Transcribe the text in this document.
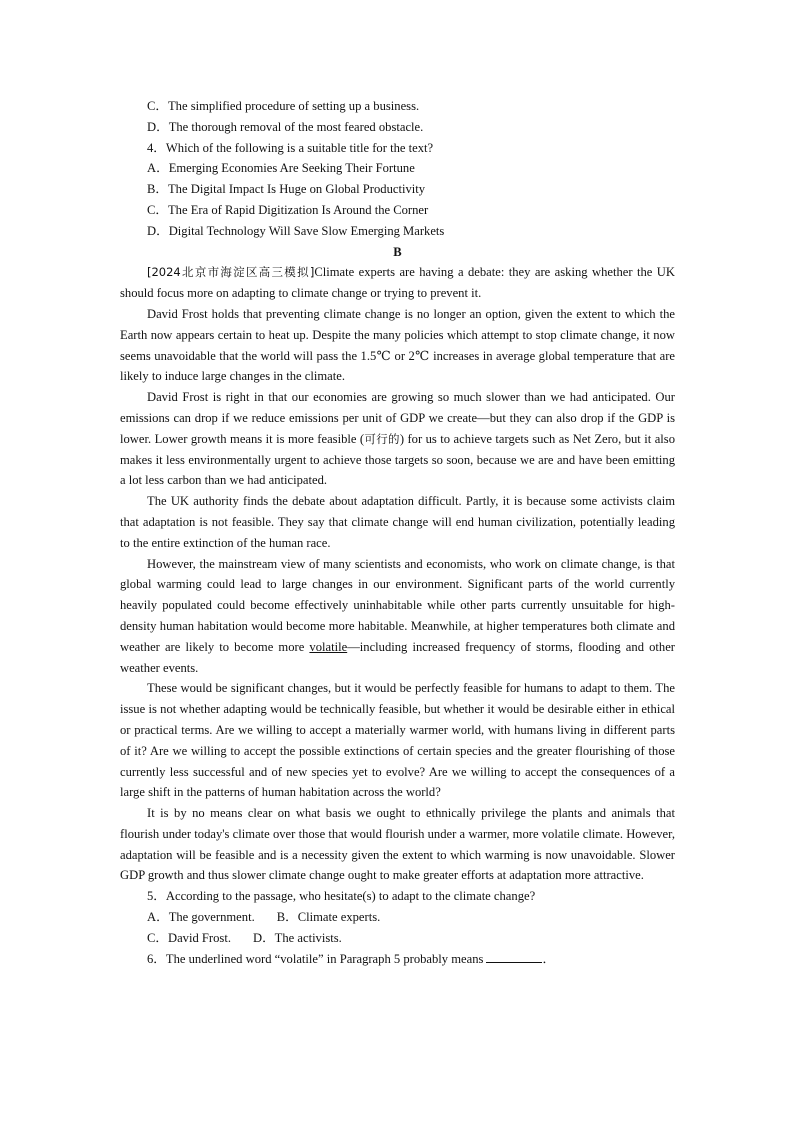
C．The simplified procedure of setting up a business.
D．The thorough removal of the most feared obstacle.
4．Which of the following is a suitable title for the text?
A．Emerging Economies Are Seeking Their Fortune
B．The Digital Impact Is Huge on Global Productivity
C．The Era of Rapid Digitization Is Around the Corner
D．Digital Technology Will Save Slow Emerging Markets
B

[2024北京市海淀区高三模拟]Climate experts are having a debate: they are asking whether the UK should focus more on adapting to climate change or trying to prevent it.

David Frost holds that preventing climate change is no longer an option, given the extent to which the Earth now appears certain to heat up. Despite the many policies which attempt to stop climate change, it now seems unavoidable that the world will pass the 1.5℃ or 2℃ increases in average global temperature that are likely to induce large changes in the climate.

David Frost is right in that our economies are growing so much slower than we had anticipated. Our emissions can drop if we reduce emissions per unit of GDP we create—but they can also drop if the GDP is lower. Lower growth means it is more feasible (可行的) for us to achieve targets such as Net Zero, but it also makes it less environmentally urgent to achieve those targets so soon, because we are and have been emitting a lot less carbon than we had anticipated.

The UK authority finds the debate about adaptation difficult. Partly, it is because some activists claim that adaptation is not feasible. They say that climate change will end human civilization, potentially leading to the entire extinction of the human race.

However, the mainstream view of many scientists and economists, who work on climate change, is that global warming could lead to large changes in our environment. Significant parts of the world currently heavily populated could become effectively uninhabitable while other parts currently unsuitable for high-density human habitation would become more habitable. Meanwhile, at higher temperatures both climate and weather are likely to become more volatile—including increased frequency of storms, flooding and other weather events.

These would be significant changes, but it would be perfectly feasible for humans to adapt to them. The issue is not whether adapting would be technically feasible, but whether it would be desirable either in ethical or practical terms. Are we willing to accept a materially warmer world, with humans living in different parts of it? Are we willing to accept the possible extinctions of certain species and the greater flourishing of those currently less successful and of new species yet to evolve? Are we willing to accept the consequences of a large shift in the patterns of human habitation across the world?

It is by no means clear on what basis we ought to ethnically privilege the plants and animals that flourish under today's climate over those that would flourish under a warmer, more volatile climate. However, adaptation will be feasible and is a necessity given the extent to which warming is now unavoidable. Slower GDP growth and thus slower climate change ought to make greater efforts at adaptation more attractive.

5．According to the passage, who hesitate(s) to adapt to the climate change?
A．The government. B．Climate experts.
C．David Frost. D．The activists.
6．The underlined word “volatile” in Paragraph 5 probably means	．
